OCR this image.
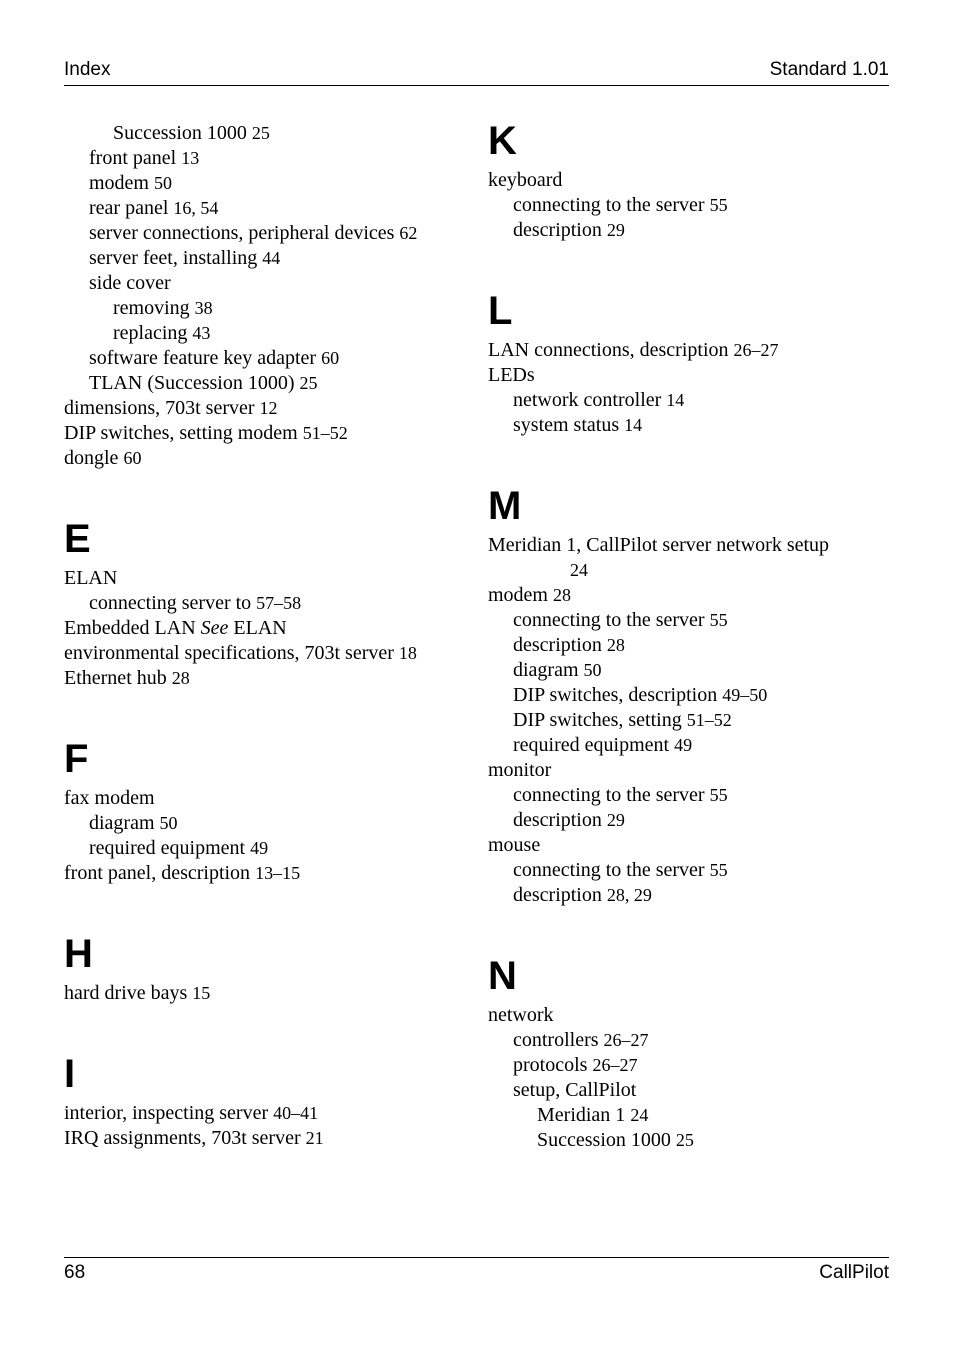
Index	Standard 1.01
Succession 1000 25
front panel 13
modem 50
rear panel 16, 54
server connections, peripheral devices 62
server feet, installing 44
side cover
removing 38
replacing 43
software feature key adapter 60
TLAN (Succession 1000) 25
dimensions, 703t server 12
DIP switches, setting modem 51–52
dongle 60
E
ELAN
connecting server to 57–58
Embedded LAN See ELAN
environmental specifications, 703t server 18
Ethernet hub 28
F
fax modem
diagram 50
required equipment 49
front panel, description 13–15
H
hard drive bays 15
I
interior, inspecting server 40–41
IRQ assignments, 703t server 21
K
keyboard
connecting to the server 55
description 29
L
LAN connections, description 26–27
LEDs
network controller 14
system status 14
M
Meridian 1, CallPilot server network setup
24
modem 28
connecting to the server 55
description 28
diagram 50
DIP switches, description 49–50
DIP switches, setting 51–52
required equipment 49
monitor
connecting to the server 55
description 29
mouse
connecting to the server 55
description 28, 29
N
network
controllers 26–27
protocols 26–27
setup, CallPilot
Meridian 1 24
Succession 1000 25
68	CallPilot
